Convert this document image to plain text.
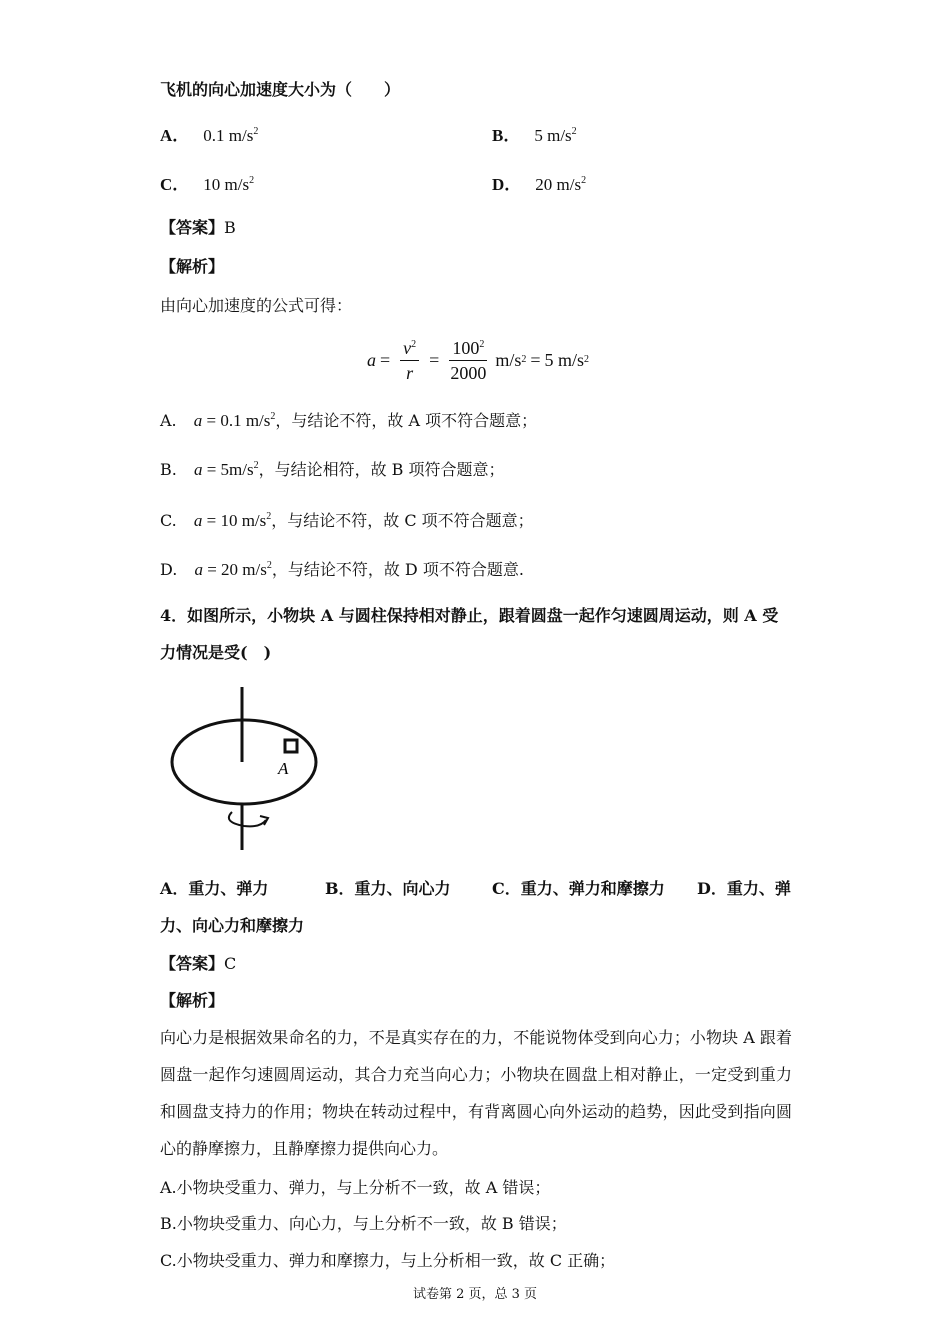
飞机的向心加速度大小为（　　）
A． 0.1 $m/s^2$	B． 5 $m/s^2$
C． 10 $m/s^2$	D． 20 $m/s^2$
【答案】B
【解析】
由向心加速度的公式可得：
$a = \frac{v^2}{r} = \frac{100^2}{2000} m/s$ 2 = 5 m/s 2
A. a = 0.1 $m/s^2$，与结论不符，故 A 项不符合题意；
B. $a = 5m/s^2$，与结论相符，故 B 项符合题意；
C. a = 10 $m/s^2$，与结论不符，故 C 项不符合题意；
D. a = 20 $m/s^2$，与结论不符，故 D 项不符合题意.
4．如图所示，小物块 A 与圆柱保持相对静止，跟着圆盘一起作匀速圆周运动，则 A 受
力情况是受(　)
A
A．重力、弹力	B．重力、向心力	C．重力、弹力和摩擦力 D．重力、弹
力、向心力和摩擦力
【答案】C
【解析】
向心力是根据效果命名的力，不是真实存在的力，不能说物体受到向心力；小物块 A 跟着圆盘一起作匀速圆周运动，其合力充当向心力；小物块在圆盘上相对静止，一定受到重力和圆盘支持力的作用；物块在转动过程中，有背离圆心向外运动的趋势，因此受到指向圆心的静摩擦力，且静摩擦力提供向心力。
A.小物块受重力、弹力，与上分析不一致，故 A 错误；
B.小物块受重力、向心力，与上分析不一致，故 B 错误；
C.小物块受重力、弹力和摩擦力，与上分析相一致，故 C 正确；
试卷第 2 页，总 3 页
